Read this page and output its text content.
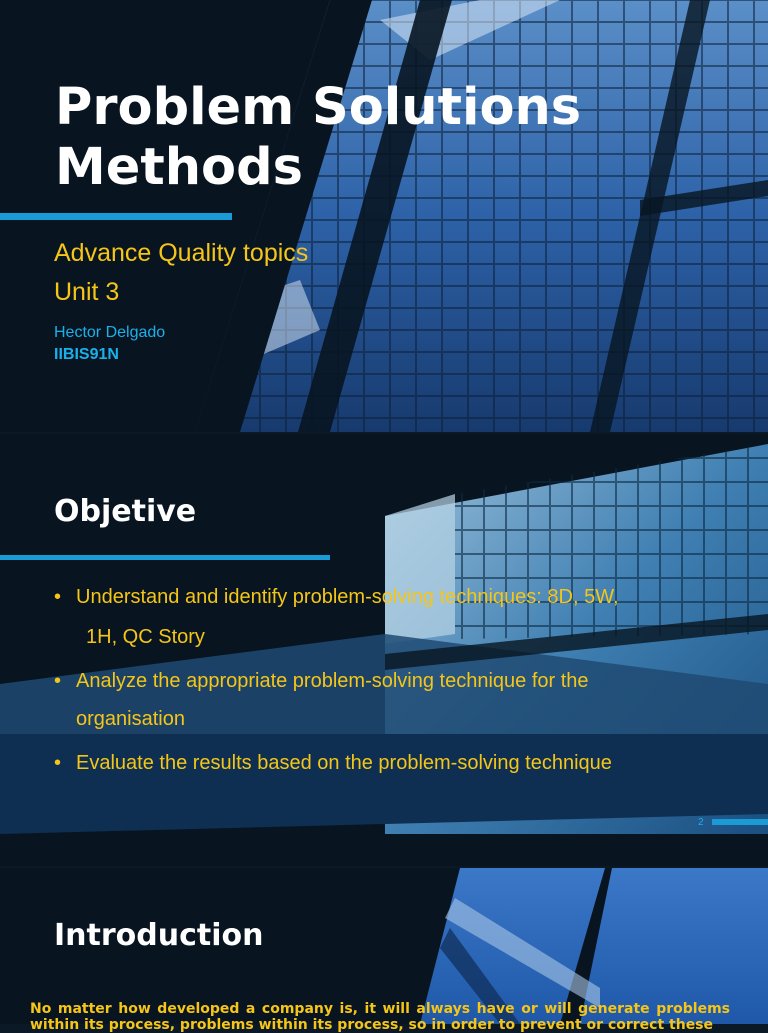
Problem Solutions
Methods
Advance Quality topics
Unit 3
Hector Delgado
IIBIS91N
Objetive
• Understand and identify problem-solving techniques: 8D, 5W,
1H, QC Story
• Analyze the appropriate problem-solving technique for the
organisation
• Evaluate the results based on the problem-solving technique
2
Introduction
No matter how developed a company is, it will always have or will generate problems within its process, problems within its process, so in order to prevent or correct these
